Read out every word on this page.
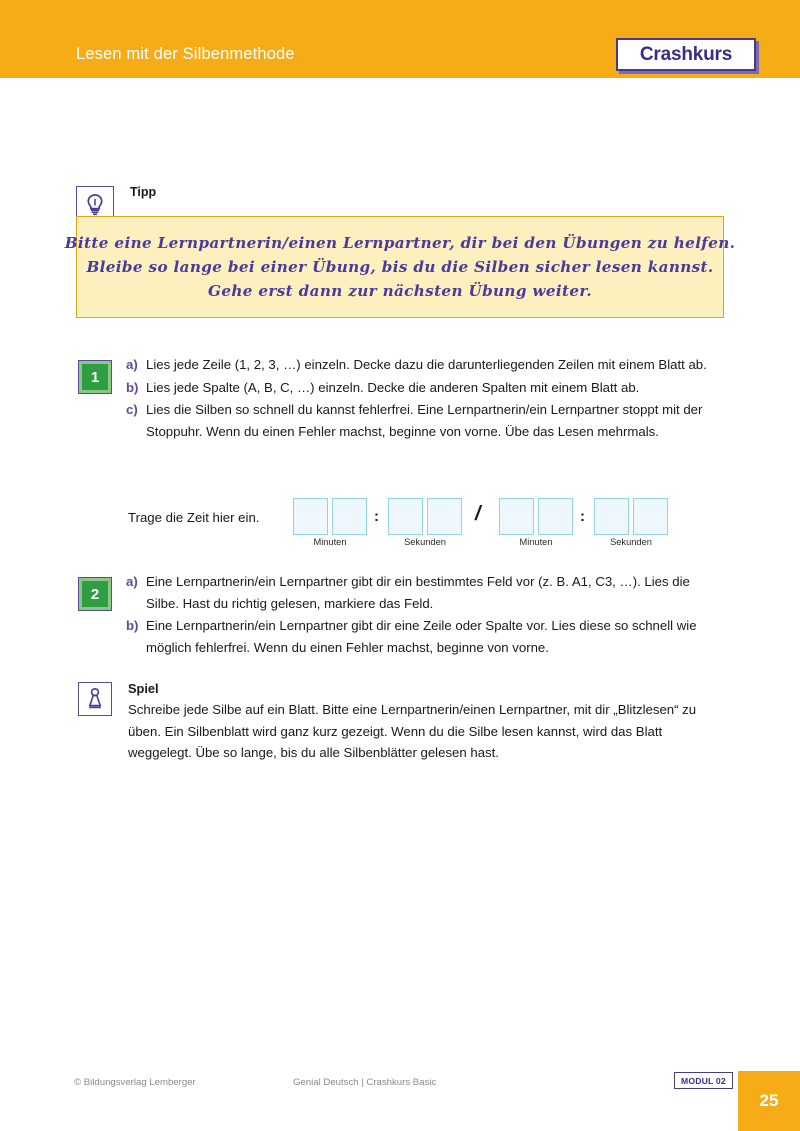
Lesen mit der Silbenmethode	Crashkurs
Tipp
Bitte eine Lernpartnerin/einen Lernpartner, dir bei den Übungen zu helfen.
Bleibe so lange bei einer Übung, bis du die Silben sicher lesen kannst.
Gehe erst dann zur nächsten Übung weiter.
1
a) Lies jede Zeile (1, 2, 3, …) einzeln. Decke dazu die darunterliegenden Zeilen mit einem Blatt ab.
b) Lies jede Spalte (A, B, C, …) einzeln. Decke die anderen Spalten mit einem Blatt ab.
c) Lies die Silben so schnell du kannst fehlerfrei. Eine Lernpartnerin/ein Lernpartner stoppt mit der Stoppuhr. Wenn du einen Fehler machst, beginne von vorne. Übe das Lesen mehrmals.
Trage die Zeit hier ein.	:	/	:
Minuten	Sekunden	Minuten	Sekunden
2
a) Eine Lernpartnerin/ein Lernpartner gibt dir ein bestimmtes Feld vor (z. B. A1, C3, …). Lies die Silbe. Hast du richtig gelesen, markiere das Feld.
b) Eine Lernpartnerin/ein Lernpartner gibt dir eine Zeile oder Spalte vor. Lies diese so schnell wie möglich fehlerfrei. Wenn du einen Fehler machst, beginne von vorne.
Spiel
Schreibe jede Silbe auf ein Blatt. Bitte eine Lernpartnerin/einen Lernpartner, mit dir „Blitzlesen“ zu üben. Ein Silbenblatt wird ganz kurz gezeigt. Wenn du die Silbe lesen kannst, wird das Blatt weggelegt. Übe so lange, bis du alle Silbenblätter gelesen hast.
© Bildungsverlag Lemberger	Genial Deutsch | Crashkurs Basic	MODUL 02
25
